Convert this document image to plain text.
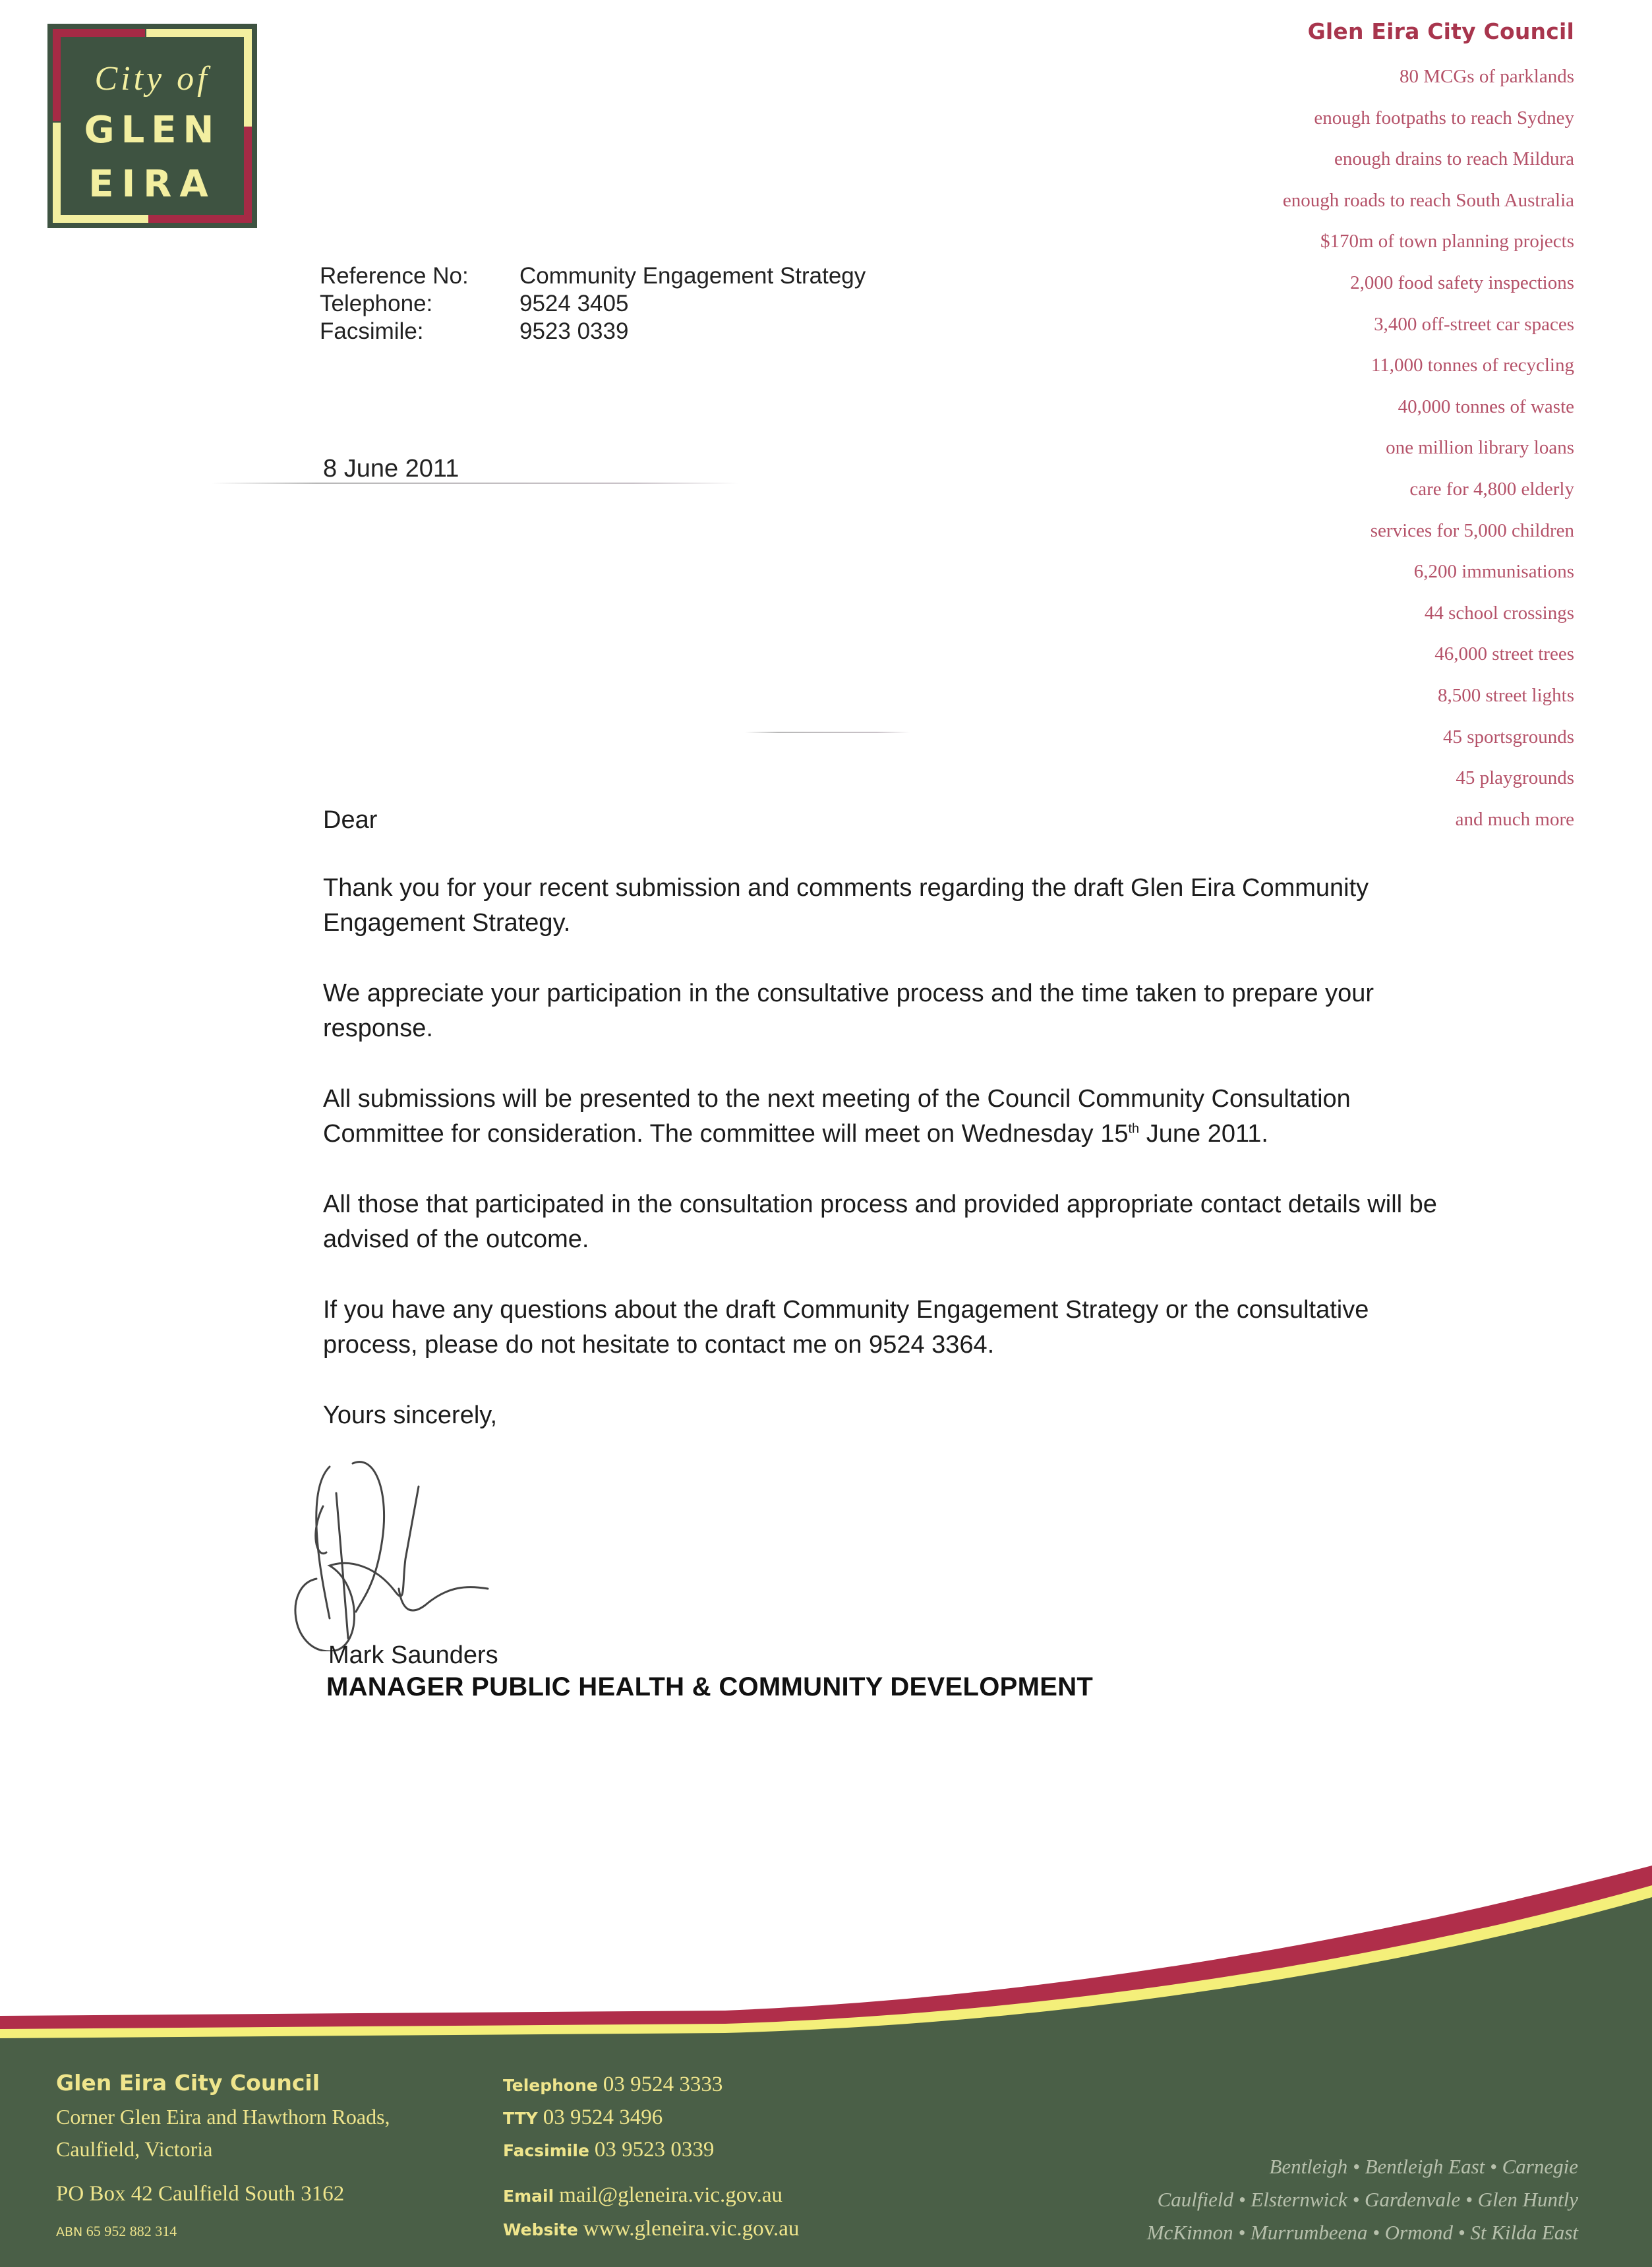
City of
GLEN
EIRA
Glen Eira City Council
80 MCGs of parklands
enough footpaths to reach Sydney
enough drains to reach Mildura
enough roads to reach South Australia
$170m of town planning projects
2,000 food safety inspections
3,400 off-street car spaces
11,000 tonnes of recycling
40,000 tonnes of waste
one million library loans
care for 4,800 elderly
services for 5,000 children
6,200 immunisations
44 school crossings
46,000 street trees
8,500 street lights
45 sportsgrounds
45 playgrounds
and much more
Reference No:	Community Engagement Strategy
Telephone:	9524 3405
Facsimile:	9523 0339
8 June 2011

Dear

Thank you for your recent submission and comments regarding the draft Glen Eira Community Engagement Strategy.

We appreciate your participation in the consultative process and the time taken to prepare your response.

All submissions will be presented to the next meeting of the Council Community Consultation Committee for consideration. The committee will meet on Wednesday 15th June 2011.

All those that participated in the consultation process and provided appropriate contact details will be advised of the outcome.

If you have any questions about the draft Community Engagement Strategy or the consultative process, please do not hesitate to contact me on 9524 3364.

Yours sincerely,

Mark Saunders
MANAGER PUBLIC HEALTH & COMMUNITY DEVELOPMENT
Glen Eira City Council
Corner Glen Eira and Hawthorn Roads,
Caulfield, Victoria
PO Box 42 Caulfield South 3162
ABN 65 952 882 314
Telephone 03 9524 3333
TTY 03 9524 3496
Facsimile 03 9523 0339
Email mail@gleneira.vic.gov.au
Website www.gleneira.vic.gov.au
Bentleigh • Bentleigh East • Carnegie
Caulfield • Elsternwick • Gardenvale • Glen Huntly
McKinnon • Murrumbeena • Ormond • St Kilda East
